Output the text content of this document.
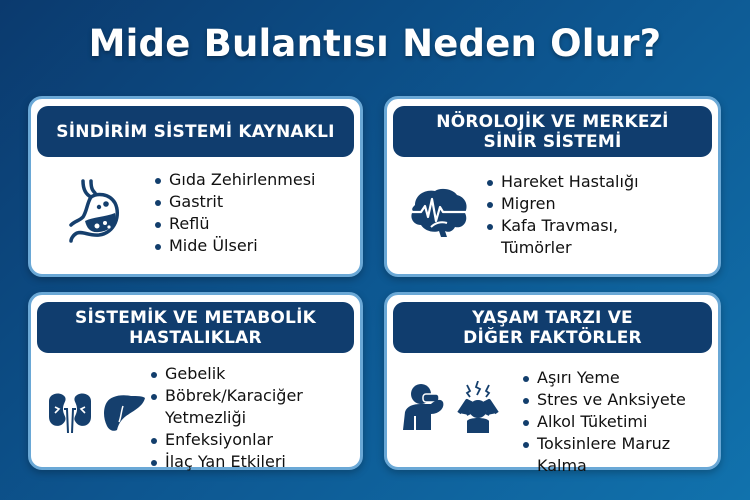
Mide Bulantısı Neden Olur?
SİNDİRİM SİSTEMİ KAYNAKLI
Gıda Zehirlenmesi
Gastrit
Reflü
Mide Ülseri
NÖROLOJİK VE MERKEZİ
SİNİR SİSTEMİ
Hareket Hastalığı
Migren
Kafa Travması,
Tümörler
SİSTEMİK VE METABOLİK
HASTALIKLAR
Gebelik
Böbrek/Karaciğer
Yetmezliği
Enfeksiyonlar
İlaç Yan Etkileri
YAŞAM TARZI VE
DİĞER FAKTÖRLER
Aşırı Yeme
Stres ve Anksiyete
Alkol Tüketimi
Toksinlere Maruz
Kalma
